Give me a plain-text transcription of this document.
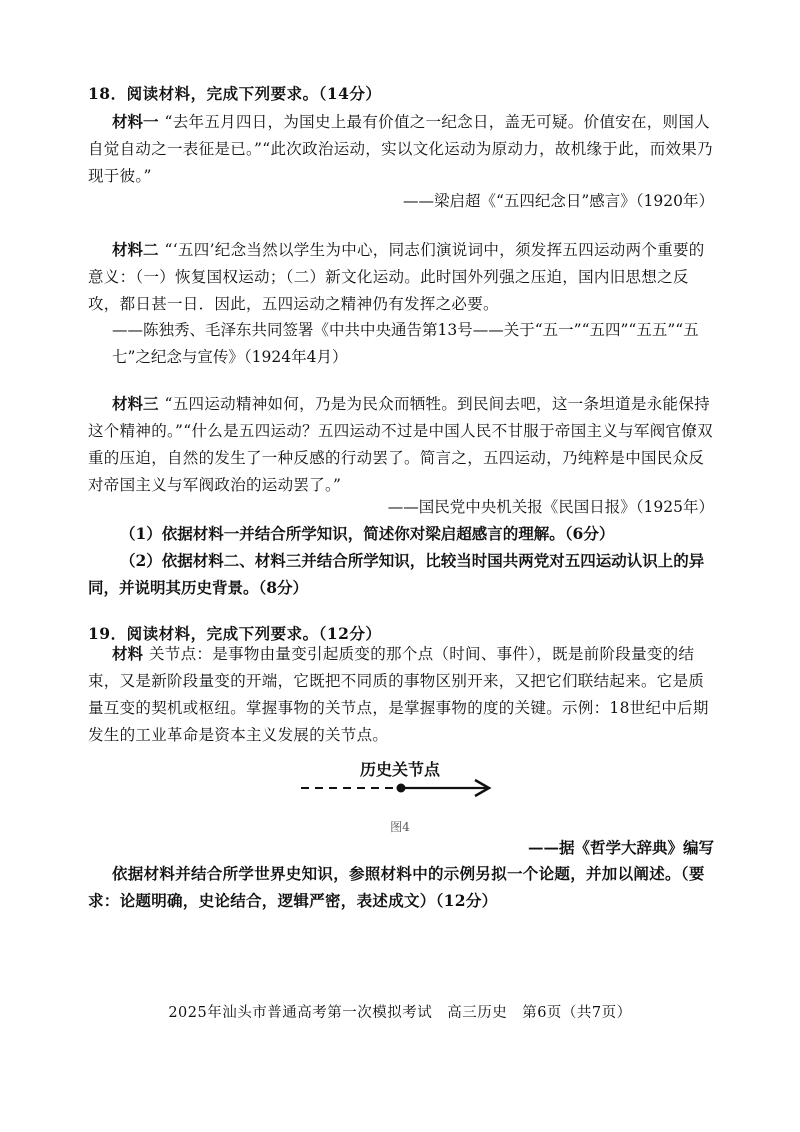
18．阅读材料，完成下列要求。（14分）
材料一 “去年五月四日，为国史上最有价值之一纪念日，盖无可疑。价值安在，则国人自觉自动之一表征是已。”“此次政治运动，实以文化运动为原动力，故机缘于此，而效果乃现于彼。”
——梁启超《“五四纪念日”感言》（1920年）
材料二 “‘五四’纪念当然以学生为中心，同志们演说词中，须发挥五四运动两个重要的意义：（一）恢复国权运动；（二）新文化运动。此时国外列强之压迫，国内旧思想之反攻，都日甚一日．因此，五四运动之精神仍有发挥之必要。
——陈独秀、毛泽东共同签署《中共中央通告第13号——关于“五一”“五四”“五五”“五七”之纪念与宣传》（1924年4月）
材料三 “五四运动精神如何，乃是为民众而牺牲。到民间去吧，这一条坦道是永能保持这个精神的。”“什么是五四运动？五四运动不过是中国人民不甘服于帝国主义与军阀官僚双重的压迫，自然的发生了一种反感的行动罢了。简言之，五四运动，乃纯粹是中国民众反对帝国主义与军阀政治的运动罢了。”
——国民党中央机关报《民国日报》（1925年）
（1）依据材料一并结合所学知识，简述你对梁启超感言的理解。（6分）
（2）依据材料二、材料三并结合所学知识，比较当时国共两党对五四运动认识上的异同，并说明其历史背景。（8分）
19．阅读材料，完成下列要求。（12分）
材料 关节点：是事物由量变引起质变的那个点（时间、事件），既是前阶段量变的结束，又是新阶段量变的开端，它既把不同质的事物区别开来，又把它们联结起来。它是质量互变的契机或枢纽。掌握事物的关节点，是掌握事物的度的关键。示例：18世纪中后期发生的工业革命是资本主义发展的关节点。
历史关节点
图4
——据《哲学大辞典》编写
依据材料并结合所学世界史知识，参照材料中的示例另拟一个论题，并加以阐述。（要求：论题明确，史论结合，逻辑严密，表述成文）（12分）
2025年汕头市普通高考第一次模拟考试　高三历史　第6页（共7页）
